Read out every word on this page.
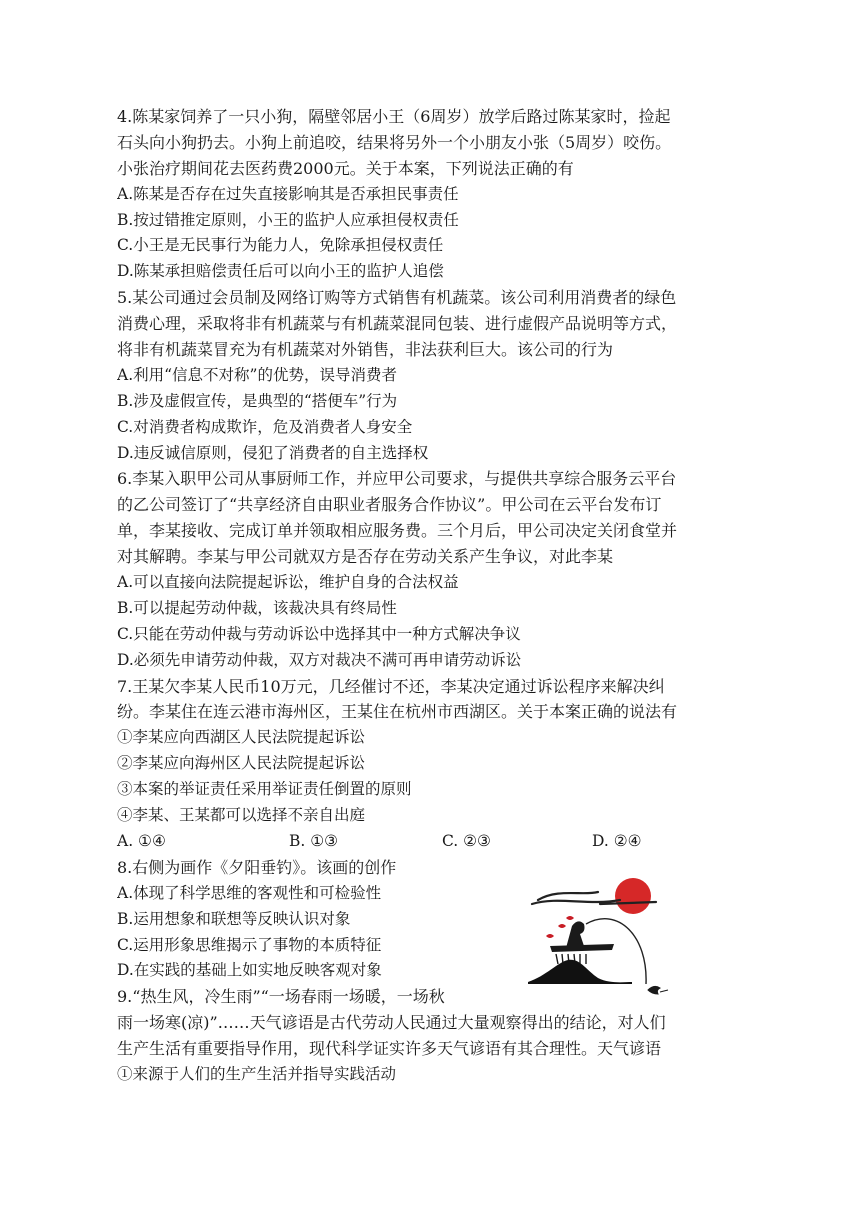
4.陈某家饲养了一只小狗，隔壁邻居小王（6周岁）放学后路过陈某家时，捡起
石头向小狗扔去。小狗上前追咬，结果将另外一个小朋友小张（5周岁）咬伤。
小张治疗期间花去医药费2000元。关于本案，下列说法正确的有
A.陈某是否存在过失直接影响其是否承担民事责任
B.按过错推定原则，小王的监护人应承担侵权责任
C.小王是无民事行为能力人，免除承担侵权责任
D.陈某承担赔偿责任后可以向小王的监护人追偿
5.某公司通过会员制及网络订购等方式销售有机蔬菜。该公司利用消费者的绿色
消费心理，采取将非有机蔬菜与有机蔬菜混同包装、进行虚假产品说明等方式，
将非有机蔬菜冒充为有机蔬菜对外销售，非法获利巨大。该公司的行为
A.利用“信息不对称”的优势，误导消费者
B.涉及虚假宣传，是典型的“搭便车”行为
C.对消费者构成欺诈，危及消费者人身安全
D.违反诚信原则，侵犯了消费者的自主选择权
6.李某入职甲公司从事厨师工作，并应甲公司要求，与提供共享综合服务云平台
的乙公司签订了“共享经济自由职业者服务合作协议”。甲公司在云平台发布订
单，李某接收、完成订单并领取相应服务费。三个月后，甲公司决定关闭食堂并
对其解聘。李某与甲公司就双方是否存在劳动关系产生争议，对此李某
A.可以直接向法院提起诉讼，维护自身的合法权益
B.可以提起劳动仲裁，该裁决具有终局性
C.只能在劳动仲裁与劳动诉讼中选择其中一种方式解决争议
D.必须先申请劳动仲裁，双方对裁决不满可再申请劳动诉讼
7.王某欠李某人民币10万元，几经催讨不还，李某决定通过诉讼程序来解决纠
纷。李某住在连云港市海州区，王某住在杭州市西湖区。关于本案正确的说法有
①李某应向西湖区人民法院提起诉讼
②李某应向海州区人民法院提起诉讼
③本案的举证责任采用举证责任倒置的原则
④李某、王某都可以选择不亲自出庭
A. ①④	B. ①③	C. ②③	D. ②④
8.右侧为画作《夕阳垂钓》。该画的创作
A.体现了科学思维的客观性和可检验性
B.运用想象和联想等反映认识对象
C.运用形象思维揭示了事物的本质特征
D.在实践的基础上如实地反映客观对象
9.“热生风，冷生雨”“一场春雨一场暖，一场秋
雨一场寒(凉)”……天气谚语是古代劳动人民通过大量观察得出的结论，对人们
生产生活有重要指导作用，现代科学证实许多天气谚语有其合理性。天气谚语
①来源于人们的生产生活并指导实践活动
